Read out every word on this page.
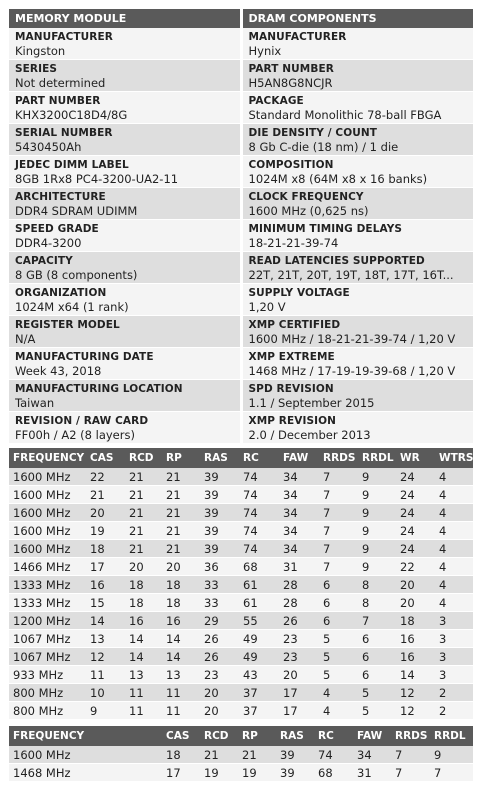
MEMORY MODULE
MANUFACTURER
Kingston
SERIES
Not determined
PART NUMBER
KHX3200C18D4/8G
SERIAL NUMBER
5430450Ah
JEDEC DIMM LABEL
8GB 1Rx8 PC4-3200-UA2-11
ARCHITECTURE
DDR4 SDRAM UDIMM
SPEED GRADE
DDR4-3200
CAPACITY
8 GB (8 components)
ORGANIZATION
1024M x64 (1 rank)
REGISTER MODEL
N/A
MANUFACTURING DATE
Week 43, 2018
MANUFACTURING LOCATION
Taiwan
REVISION / RAW CARD
FF00h / A2 (8 layers)
DRAM COMPONENTS
MANUFACTURER
Hynix
PART NUMBER
H5AN8G8NCJR
PACKAGE
Standard Monolithic 78-ball FBGA
DIE DENSITY / COUNT
8 Gb C-die (18 nm) / 1 die
COMPOSITION
1024M x8 (64M x8 x 16 banks)
CLOCK FREQUENCY
1600 MHz (0,625 ns)
MINIMUM TIMING DELAYS
18-21-21-39-74
READ LATENCIES SUPPORTED
22T, 21T, 20T, 19T, 18T, 17T, 16T...
SUPPLY VOLTAGE
1,20 V
XMP CERTIFIED
1600 MHz / 18-21-21-39-74 / 1,20 V
XMP EXTREME
1468 MHz / 17-19-19-39-68 / 1,20 V
SPD REVISION
1.1 / September 2015
XMP REVISION
2.0 / December 2013
FREQUENCY	CAS	RCD	RP	RAS	RC	FAW	RRDS	RRDL	WR	WTRS
1600 MHz	22	21	21	39	74	34	7	9	24	4
1600 MHz	21	21	21	39	74	34	7	9	24	4
1600 MHz	20	21	21	39	74	34	7	9	24	4
1600 MHz	19	21	21	39	74	34	7	9	24	4
1600 MHz	18	21	21	39	74	34	7	9	24	4
1466 MHz	17	20	20	36	68	31	7	9	22	4
1333 MHz	16	18	18	33	61	28	6	8	20	4
1333 MHz	15	18	18	33	61	28	6	8	20	4
1200 MHz	14	16	16	29	55	26	6	7	18	3
1067 MHz	13	14	14	26	49	23	5	6	16	3
1067 MHz	12	14	14	26	49	23	5	6	16	3
933 MHz	11	13	13	23	43	20	5	6	14	3
800 MHz	10	11	11	20	37	17	4	5	12	2
800 MHz	9	11	11	20	37	17	4	5	12	2
FREQUENCY		CAS	RCD	RP	RAS	RC	FAW	RRDS	RRDL
1600 MHz		18	21	21	39	74	34	7	9
1468 MHz		17	19	19	39	68	31	7	7
